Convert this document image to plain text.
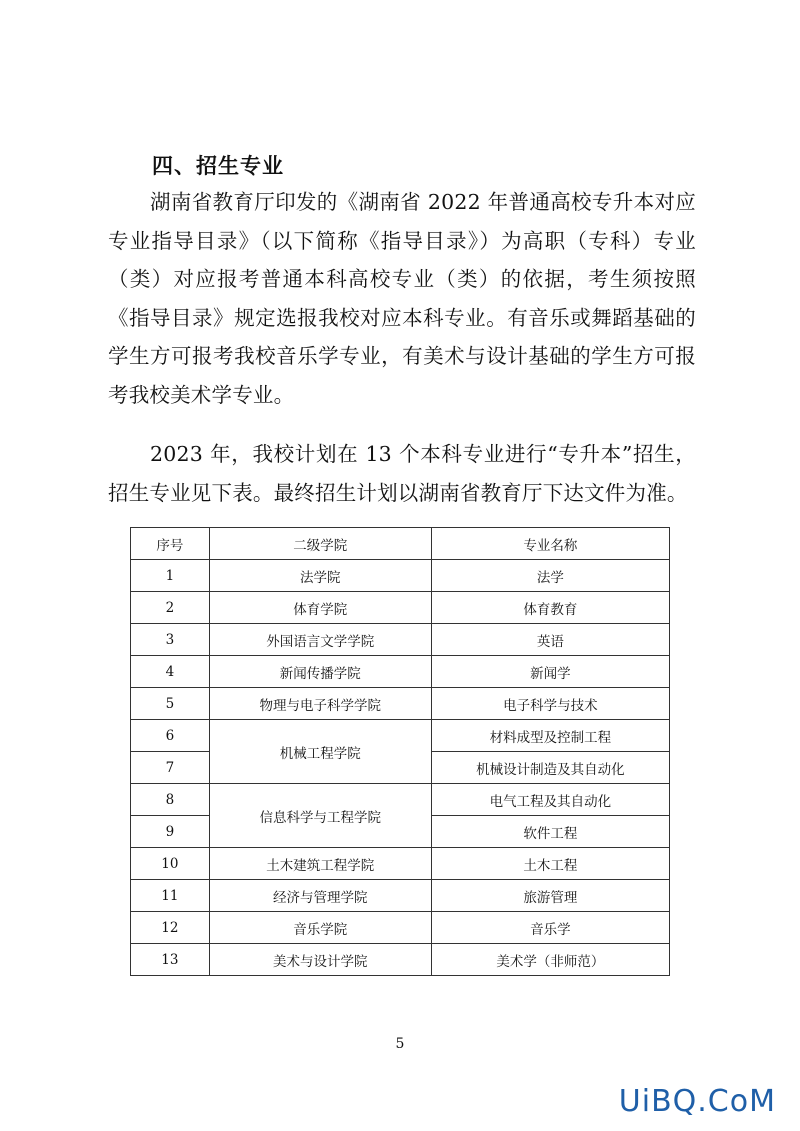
四、招生专业

湖南省教育厅印发的《湖南省 2022 年普通高校专升本对应专业指导目录》（以下简称《指导目录》）为高职（专科）专业（类）对应报考普通本科高校专业（类）的依据，考生须按照《指导目录》规定选报我校对应本科专业。有音乐或舞蹈基础的学生方可报考我校音乐学专业，有美术与设计基础的学生方可报考我校美术学专业。

2023 年，我校计划在 13 个本科专业进行“专升本”招生，招生专业见下表。最终招生计划以湖南省教育厅下达文件为准。

序号	二级学院	专业名称
1	法学院	法学
2	体育学院	体育教育
3	外国语言文学学院	英语
4	新闻传播学院	新闻学
5	物理与电子科学学院	电子科学与技术
6	机械工程学院	材料成型及控制工程
7		机械设计制造及其自动化
8	信息科学与工程学院	电气工程及其自动化
9		软件工程
10	土木建筑工程学院	土木工程
11	经济与管理学院	旅游管理
12	音乐学院	音乐学
13	美术与设计学院	美术学（非师范）
5
UiBQ.CoM
